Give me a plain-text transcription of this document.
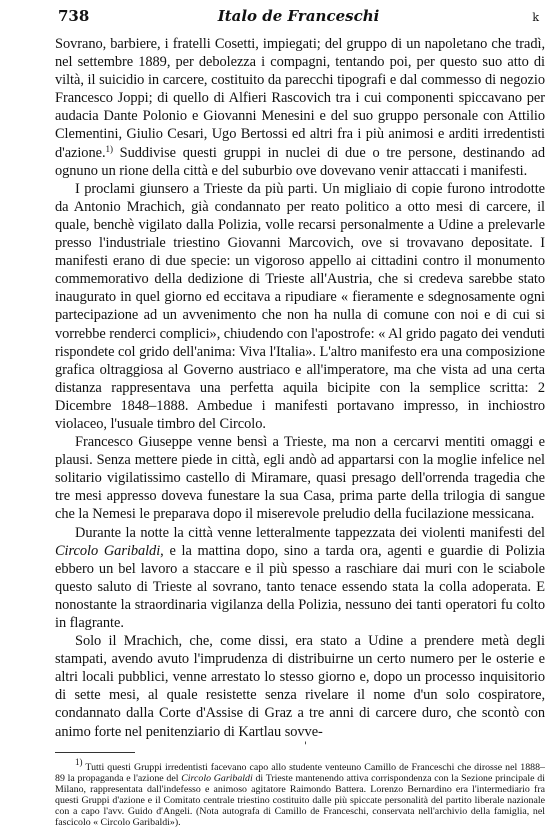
738	Italo de Franceschi	k

Sovrano, barbiere, i fratelli Cosetti, impiegati; del gruppo di un napoletano che tradì, nel settembre 1889, per debolezza i compagni, tentando poi, per questo suo atto di viltà, il suicidio in carcere, costituito da parecchi tipografi e dal commesso di negozio Francesco Joppi; di quello di Alfieri Rascovich tra i cui componenti spiccavano per audacia Dante Polonio e Giovanni Menesini e del suo gruppo personale con Attilio Clementini, Giulio Cesari, Ugo Bertossi ed altri fra i più animosi e arditi irredentisti d'azione.$^{1)}$ Suddivise questi gruppi in nuclei di due o tre persone, destinando ad ognuno un rione della città e del suburbio ove dovevano venir attaccati i manifesti.

I proclami giunsero a Trieste da più parti. Un migliaio di copie furono introdotte da Antonio Mrachich, già condannato per reato politico a otto mesi di carcere, il quale, benchè vigilato dalla Polizia, volle recarsi personalmente a Udine a prelevarle presso l'industriale triestino Giovanni Marcovich, ove si trovavano depositate. I manifesti erano di due specie: un vigoroso appello ai cittadini contro il monumento commemorativo della dedizione di Trieste all'Austria, che si credeva sarebbe stato inaugurato in quel giorno ed eccitava a ripudiare « fieramente e sdegnosamente ogni partecipazione ad un avvenimento che non ha nulla di comune con noi e di cui si vorrebbe renderci complici», chiudendo con l'apostrofe: « Al grido pagato dei venduti rispondete col grido dell'anima: Viva l'Italia». L'altro manifesto era una composizione grafica oltraggiosa al Governo austriaco e all'imperatore, ma che vista ad una certa distanza rappresentava una perfetta aquila bicipite con la semplice scritta: 2 Dicembre 1848–1888. Ambedue i manifesti portavano impresso, in inchiostro violaceo, l'usuale timbro del Circolo.

Francesco Giuseppe venne bensì a Trieste, ma non a cercarvi mentiti omaggi e plausi. Senza mettere piede in città, egli andò ad appartarsi con la moglie infelice nel solitario vigilatissimo castello di Miramare, quasi presago dell'orrenda tragedia che tre mesi appresso doveva funestare la sua Casa, prima parte della trilogia di sangue che la Nemesi le preparava dopo il miserevole preludio della fucilazione messicana.

Durante la notte la città venne letteralmente tappezzata dei violenti manifesti del Circolo Garibaldi, e la mattina dopo, sino a tarda ora, agenti e guardie di Polizia ebbero un bel lavoro a staccare e il più spesso a raschiare dai muri con le sciabole questo saluto di Trieste al sovrano, tanto tenace essendo stata la colla adoperata. E nonostante la straordinaria vigilanza della Polizia, nessuno dei tanti operatori fu colto in flagrante.

Solo il Mrachich, che, come dissi, era stato a Udine a prendere metà degli stampati, avendo avuto l'imprudenza di distribuirne un certo numero per le osterie e altri locali pubblici, venne arrestato lo stesso giorno e, dopo un processo inquisitorio di sette mesi, al quale resistette senza rivelare il nome d'un solo cospiratore, condannato dalla Corte d'Assise di Graz a tre anni di carcere duro, che scontò con animo forte nel penitenziario di Kartlau sovve-

'
$^{1)}$ Tutti questi Gruppi irredentisti facevano capo allo studente venteuno Camillo de Franceschi che dirosse nel 1888–89 la propaganda e l'azione del Circolo Garibaldi di Trieste mantenendo attiva corrispondenza con la Sezione principale di Milano, rappresentata dall'indefesso e animoso agitatore Raimondo Battera. Lorenzo Bernardino era l'intermediario fra questi Gruppi d'azione e il Comitato centrale triestino costituito dalle più spiccate personalità del partito liberale nazionale con a capo l'avv. Guido d'Angeli. (Nota autografa di Camillo de Franceschi, conservata nell'archivio della famiglia, nel fascicolo « Circolo Garibaldi»).
